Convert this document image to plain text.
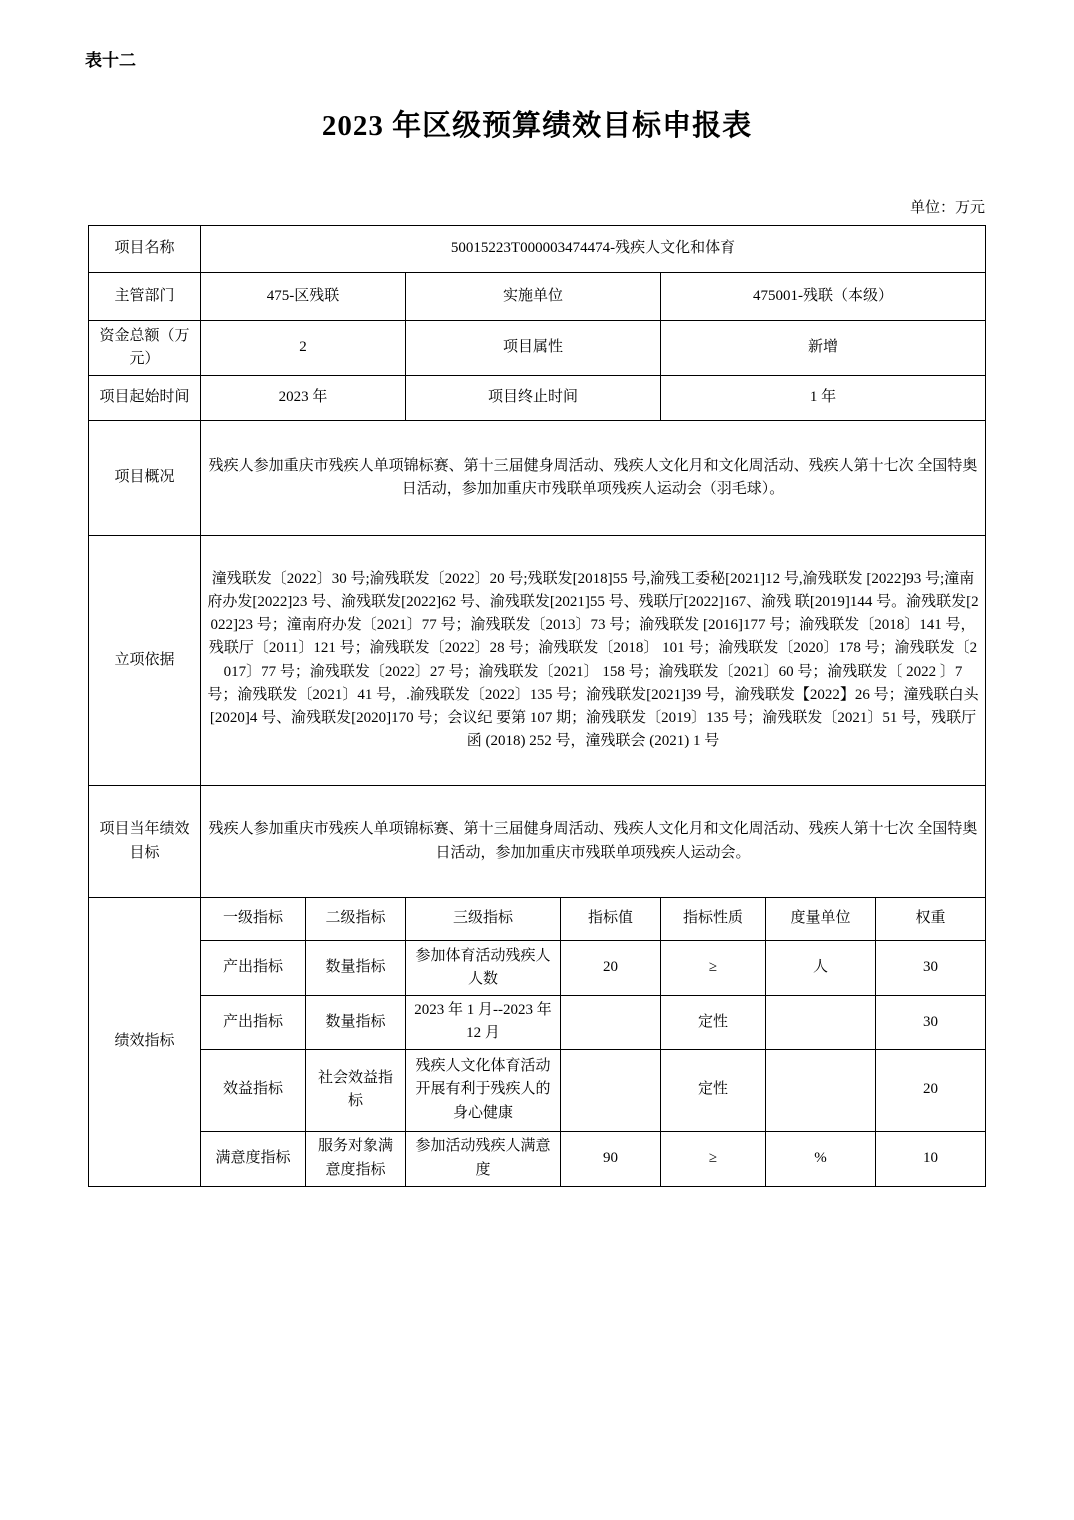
表十二
2023 年区级预算绩效目标申报表
单位：万元
项目名称	50015223T000003474474-残疾人文化和体育						
主管部门	475-区残联		实施单位		475001-残联（本级）		
资金总额（万元）	2		项目属性		新增		
项目起始时间	2023 年		项目终止时间		1 年		
项目概况	残疾人参加重庆市残疾人单项锦标赛、第十三届健身周活动、残疾人文化月和文化周活动、残疾人第十七次 全国特奥日活动，参加加重庆市残联单项残疾人运动会（羽毛球）。						
立项依据	潼残联发〔2022〕30 号;渝残联发〔2022〕20 号;残联发[2018]55 号,渝残工委秘[2021]12 号,渝残联发 [2022]93 号;潼南府办发[2022]23 号、渝残联发[2022]62 号、渝残联发[2021]55 号、残联厅[2022]167、渝残 联[2019]144 号。渝残联发[2022]23 号；潼南府办发〔2021〕77 号；渝残联发〔2013〕73 号；渝残联发 [2016]177 号；渝残联发〔2018〕141 号，残联厅〔2011〕121 号；渝残联发〔2022〕28 号；渝残联发〔2018〕 101 号；渝残联发〔2020〕178 号；渝残联发〔2017〕77 号；渝残联发〔2022〕27 号；渝残联发〔2021〕 158 号；渝残联发〔2021〕60 号；渝残联发〔 2022 〕7 号；渝残联发〔2021〕41 号，.渝残联发〔2022〕135 号；渝残联发[2021]39 号，渝残联发【2022】26 号；潼残联白头[2020]4 号、渝残联发[2020]170 号；会议纪 要第 107 期；渝残联发〔2019〕135 号；渝残联发〔2021〕51 号，残联厅函 (2018) 252 号，潼残联会 (2021) 1 号						
项目当年绩效目标	残疾人参加重庆市残疾人单项锦标赛、第十三届健身周活动、残疾人文化月和文化周活动、残疾人第十七次 全国特奥日活动，参加加重庆市残联单项残疾人运动会。						
绩效指标	一级指标	二级指标	三级指标	指标值	指标性质	度量单位	权重
	产出指标	数量指标	参加体育活动残疾人人数	20	≥	人	30
	产出指标	数量指标	2023 年 1 月--2023 年 12 月		定性		30
	效益指标	社会效益指标	残疾人文化体育活动开展有利于残疾人的身心健康		定性		20
	满意度指标	服务对象满意度指标	参加活动残疾人满意度	90	≥	%	10
